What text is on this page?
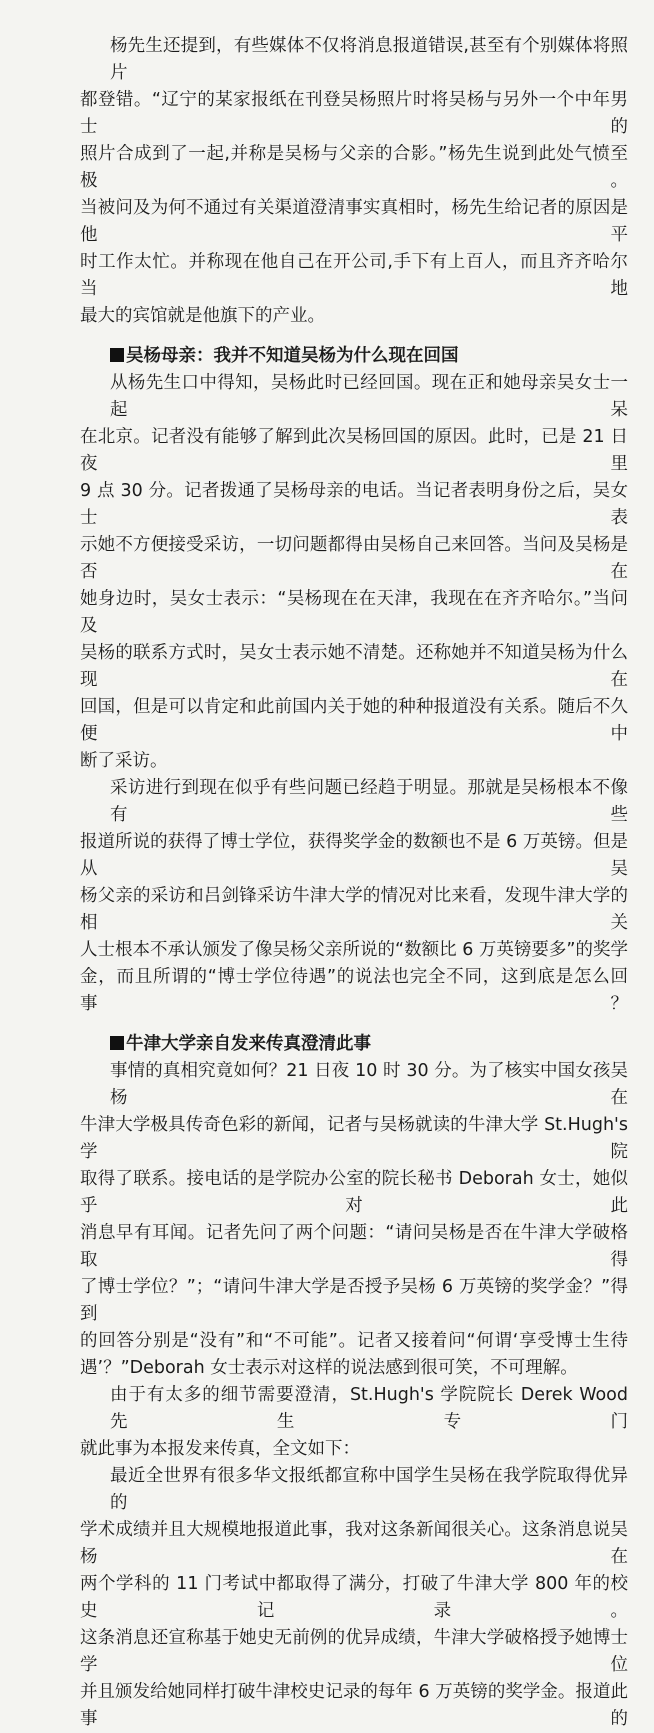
杨先生还提到，有些媒体不仅将消息报道错误,甚至有个别媒体将照片
都登错。“辽宁的某家报纸在刊登吴杨照片时将吴杨与另外一个中年男士的
照片合成到了一起,并称是吴杨与父亲的合影。”杨先生说到此处气愤至极。
当被问及为何不通过有关渠道澄清事实真相时，杨先生给记者的原因是他平
时工作太忙。并称现在他自己在开公司,手下有上百人，而且齐齐哈尔当地
最大的宾馆就是他旗下的产业。
吴杨母亲：我并不知道吴杨为什么现在回国
从杨先生口中得知，吴杨此时已经回国。现在正和她母亲吴女士一起呆
在北京。记者没有能够了解到此次吴杨回国的原因。此时，已是 21 日夜里
9 点 30 分。记者拨通了吴杨母亲的电话。当记者表明身份之后，吴女士表
示她不方便接受采访，一切问题都得由吴杨自己来回答。当问及吴杨是否在
她身边时，吴女士表示：“吴杨现在在天津，我现在在齐齐哈尔。”当问及
吴杨的联系方式时，吴女士表示她不清楚。还称她并不知道吴杨为什么现在
回国，但是可以肯定和此前国内关于她的种种报道没有关系。随后不久便中
断了采访。
采访进行到现在似乎有些问题已经趋于明显。那就是吴杨根本不像有些
报道所说的获得了博士学位，获得奖学金的数额也不是 6 万英镑。但是从吴
杨父亲的采访和吕剑锋采访牛津大学的情况对比来看，发现牛津大学的相关
人士根本不承认颁发了像吴杨父亲所说的“数额比 6 万英镑要多”的奖学
金，而且所谓的“博士学位待遇”的说法也完全不同，这到底是怎么回事？
牛津大学亲自发来传真澄清此事
事情的真相究竟如何？21 日夜 10 时 30 分。为了核实中国女孩吴杨在
牛津大学极具传奇色彩的新闻，记者与吴杨就读的牛津大学 St.Hugh's 学院
取得了联系。接电话的是学院办公室的院长秘书 Deborah 女士，她似乎对此
消息早有耳闻。记者先问了两个问题：“请问吴杨是否在牛津大学破格取得
了博士学位？”；“请问牛津大学是否授予吴杨 6 万英镑的奖学金？”得到
的回答分别是“没有”和“不可能”。记者又接着问“何谓‘享受博士生待
遇’？”Deborah 女士表示对这样的说法感到很可笑，不可理解。
由于有太多的细节需要澄清，St.Hugh's 学院院长 Derek Wood 先生专门
就此事为本报发来传真，全文如下：
最近全世界有很多华文报纸都宣称中国学生吴杨在我学院取得优异的
学术成绩并且大规模地报道此事，我对这条新闻很关心。这条消息说吴杨在
两个学科的 11 门考试中都取得了满分，打破了牛津大学 800 年的校史记录。
这条消息还宣称基于她史无前例的优异成绩，牛津大学破格授予她博士学位
并且颁发给她同样打破牛津校史记录的每年 6 万英镑的奖学金。报道此事的
